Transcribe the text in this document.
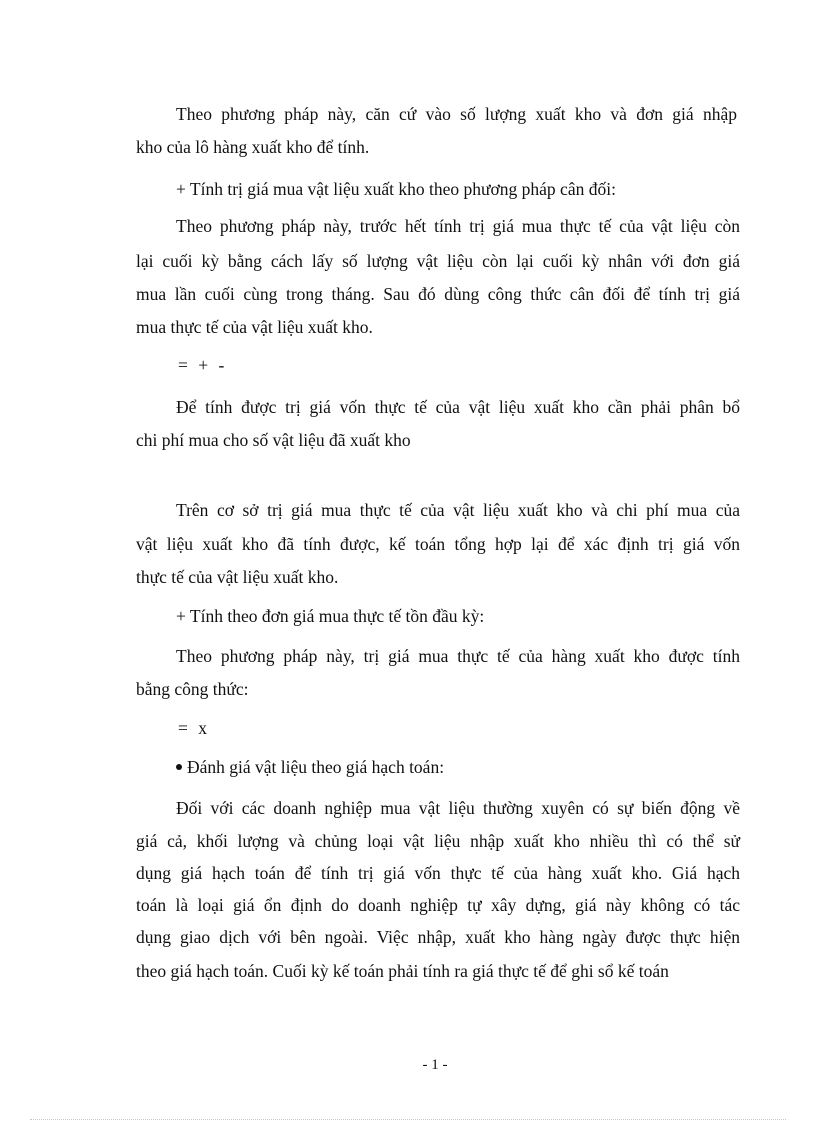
Theo phương pháp này, căn cứ vào số lượng xuất kho và đơn giá nhập

kho của lô hàng xuất kho để tính.

+ Tính trị giá mua vật liệu xuất kho theo phương pháp cân đối:

Theo phương pháp này, trước hết tính trị giá mua thực tế của vật liệu còn

lại cuối kỳ bằng cách lấy số lượng vật liệu còn lại cuối kỳ nhân với đơn giá

mua lần cuối cùng trong tháng. Sau đó dùng công thức cân đối để tính trị giá

mua thực tế của vật liệu xuất kho.

= + -

Để tính được trị giá vốn thực tế của vật liệu xuất kho cần phải phân bổ

chi phí mua cho số vật liệu đã xuất kho

Trên cơ sở trị giá mua thực tế của vật liệu xuất kho và chi phí mua của

vật liệu xuất kho đã tính được, kế toán tổng hợp lại để xác định trị giá vốn

thực tế của vật liệu xuất kho.

+ Tính theo đơn giá mua thực tế tồn đầu kỳ:

Theo phương pháp này, trị giá mua thực tế của hàng xuất kho được tính

bằng công thức:

= x

Đánh giá vật liệu theo giá hạch toán:

Đối với các doanh nghiệp mua vật liệu thường xuyên có sự biến động về

giá cả, khối lượng và chủng loại vật liệu nhập xuất kho nhiều thì có thể sử

dụng giá hạch toán để tính trị giá vốn thực tế của hàng xuất kho. Giá hạch

toán là loại giá ổn định do doanh nghiệp tự xây dựng, giá này không có tác

dụng giao dịch với bên ngoài. Việc nhập, xuất kho hàng ngày được thực hiện

theo giá hạch toán. Cuối kỳ kế toán phải tính ra giá thực tế để ghi sổ kế toán

- 1 -
